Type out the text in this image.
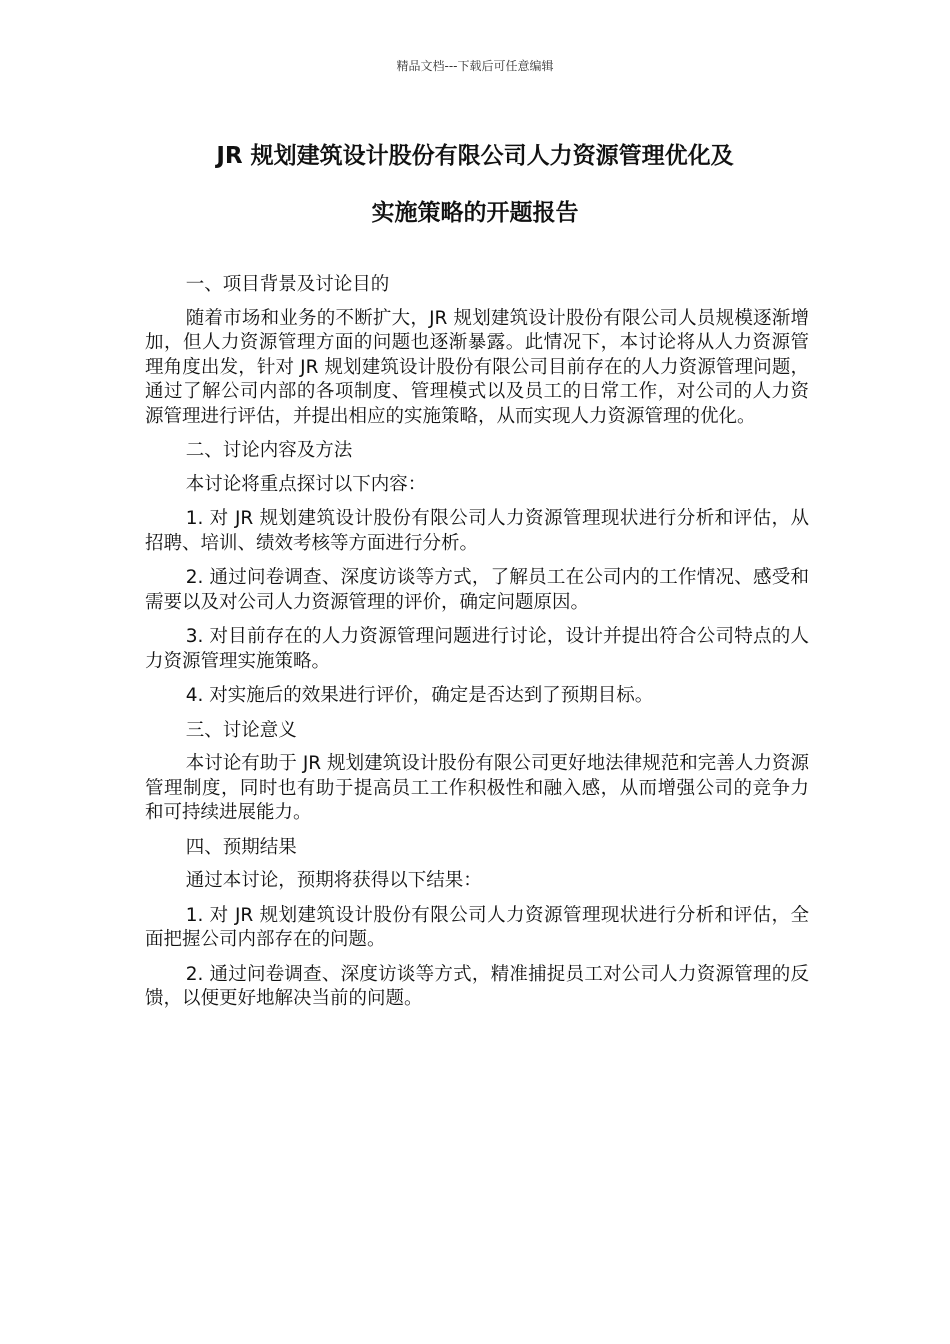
精品文档---下载后可任意编辑
JR 规划建筑设计股份有限公司人力资源管理优化及
实施策略的开题报告

一、项目背景及讨论目的

随着市场和业务的不断扩大，JR 规划建筑设计股份有限公司人员规模逐渐增加，但人力资源管理方面的问题也逐渐暴露。此情况下，本讨论将从人力资源管理角度出发，针对 JR 规划建筑设计股份有限公司目前存在的人力资源管理问题，通过了解公司内部的各项制度、管理模式以及员工的日常工作，对公司的人力资源管理进行评估，并提出相应的实施策略，从而实现人力资源管理的优化。

二、讨论内容及方法

本讨论将重点探讨以下内容：

1. 对 JR 规划建筑设计股份有限公司人力资源管理现状进行分析和评估，从招聘、培训、绩效考核等方面进行分析。

2. 通过问卷调查、深度访谈等方式，了解员工在公司内的工作情况、感受和需要以及对公司人力资源管理的评价，确定问题原因。

3. 对目前存在的人力资源管理问题进行讨论，设计并提出符合公司特点的人力资源管理实施策略。

4. 对实施后的效果进行评价，确定是否达到了预期目标。

三、讨论意义

本讨论有助于 JR 规划建筑设计股份有限公司更好地法律规范和完善人力资源管理制度，同时也有助于提高员工工作积极性和融入感，从而增强公司的竞争力和可持续进展能力。

四、预期结果

通过本讨论，预期将获得以下结果：

1. 对 JR 规划建筑设计股份有限公司人力资源管理现状进行分析和评估，全面把握公司内部存在的问题。

2. 通过问卷调查、深度访谈等方式，精准捕捉员工对公司人力资源管理的反馈，以便更好地解决当前的问题。
